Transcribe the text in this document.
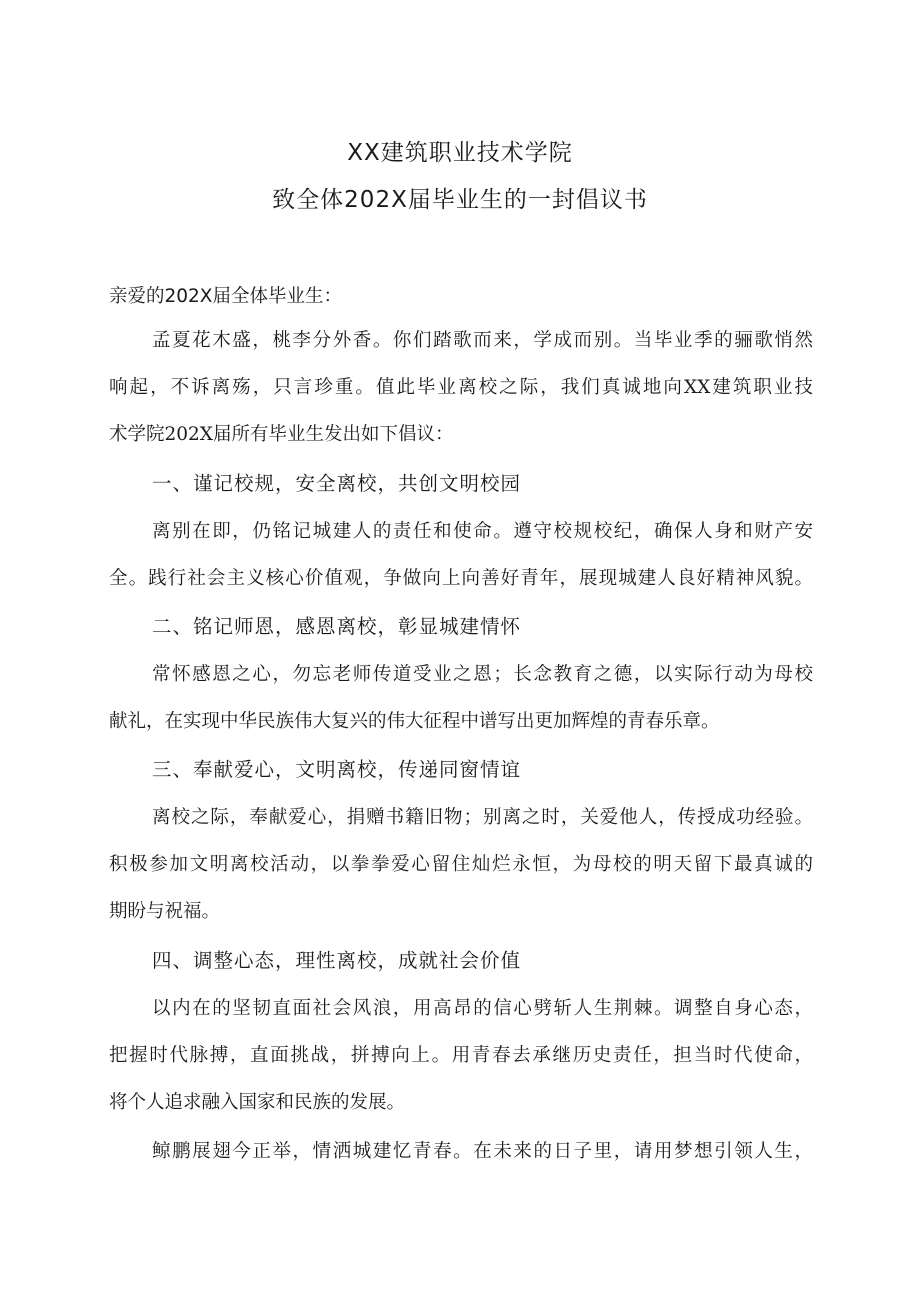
XX建筑职业技术学院
致全体202X届毕业生的一封倡议书
亲爱的202X届全体毕业生：
孟夏花木盛，桃李分外香。你们踏歌而来，学成而别。当毕业季的骊歌悄然
响起，不诉离殇，只言珍重。值此毕业离校之际，我们真诚地向XX建筑职业技
术学院202X届所有毕业生发出如下倡议：
一、谨记校规，安全离校，共创文明校园
离别在即，仍铭记城建人的责任和使命。遵守校规校纪，确保人身和财产安
全。践行社会主义核心价值观，争做向上向善好青年，展现城建人良好精神风貌。
二、铭记师恩，感恩离校，彰显城建情怀
常怀感恩之心，勿忘老师传道受业之恩；长念教育之德，以实际行动为母校
献礼，在实现中华民族伟大复兴的伟大征程中谱写出更加辉煌的青春乐章。
三、奉献爱心，文明离校，传递同窗情谊
离校之际，奉献爱心，捐赠书籍旧物；别离之时，关爱他人，传授成功经验。
积极参加文明离校活动，以拳拳爱心留住灿烂永恒，为母校的明天留下最真诚的
期盼与祝福。
四、调整心态，理性离校，成就社会价值
以内在的坚韧直面社会风浪，用高昂的信心劈斩人生荆棘。调整自身心态，
把握时代脉搏，直面挑战，拼搏向上。用青春去承继历史责任，担当时代使命，
将个人追求融入国家和民族的发展。
鲸鹏展翅今正举，情洒城建忆青春。在未来的日子里，请用梦想引领人生，
